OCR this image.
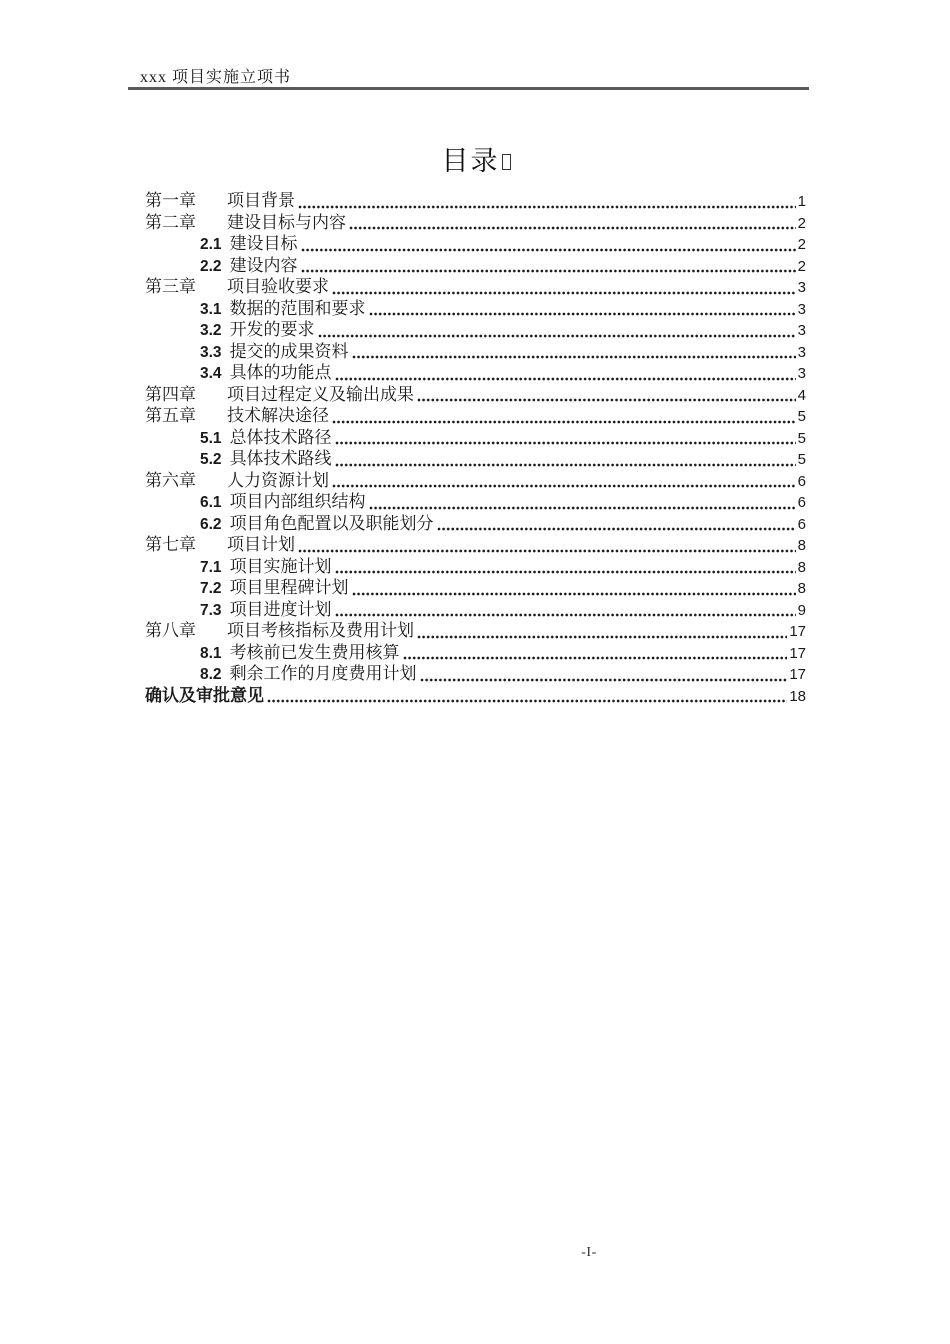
xxx 项目实施立项书
目录
第一章	项目背景	1
第二章	建设目标与内容	2
2.1 建设目标	2
2.2 建设内容	2
第三章	项目验收要求	3
3.1 数据的范围和要求	3
3.2 开发的要求	3
3.3 提交的成果资料	3
3.4 具体的功能点	3
第四章	项目过程定义及输出成果	4
第五章	技术解决途径	5
5.1 总体技术路径	5
5.2 具体技术路线	5
第六章	人力资源计划	6
6.1 项目内部组织结构	6
6.2 项目角色配置以及职能划分	6
第七章	项目计划	8
7.1 项目实施计划	8
7.2 项目里程碑计划	8
7.3 项目进度计划	9
第八章	项目考核指标及费用计划	17
8.1 考核前已发生费用核算	17
8.2 剩余工作的月度费用计划	17
确认及审批意见	18
-I-
